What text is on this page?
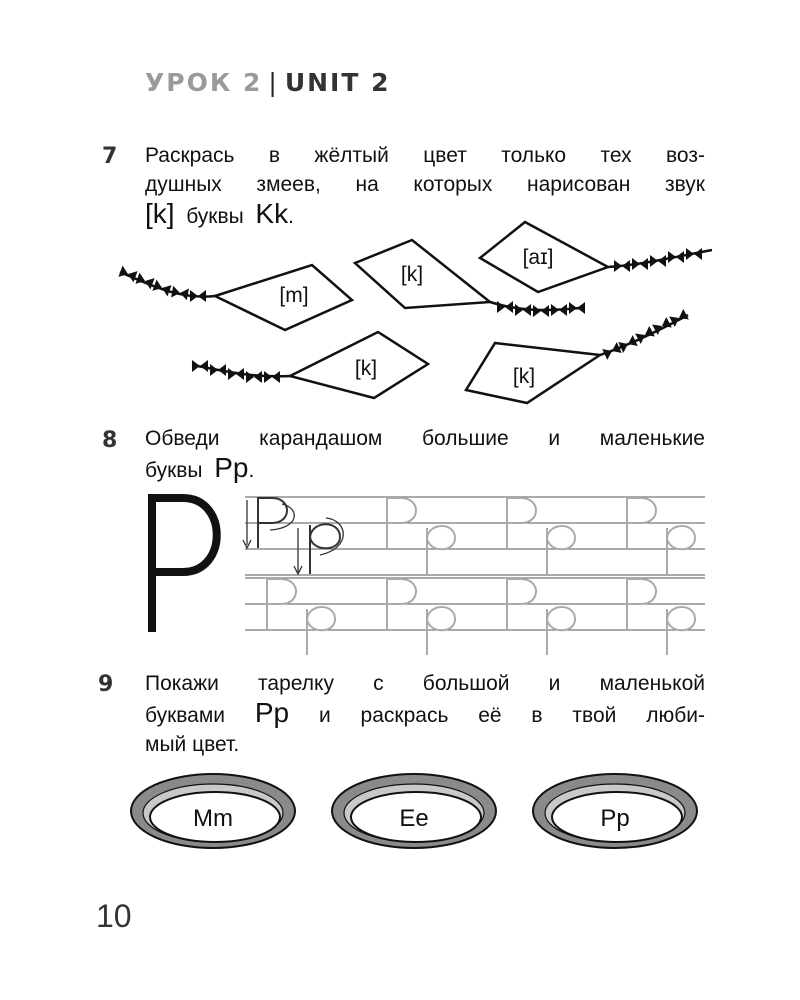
УРОК 2 | UNIT 2
7 Раскрась в жёлтый цвет только тех воз-
душных змеев, на которых нарисован звук
[k] буквы Kk.
[m]
[k]
[aɪ]
[k]	[k]
8 Обведи карандашом большие и маленькие
буквы Pp.
9 Покажи тарелку с большой и маленькой
буквами Pp и раскрась её в твой люби-
мый цвет.
Mm	Ee	Pp
10
